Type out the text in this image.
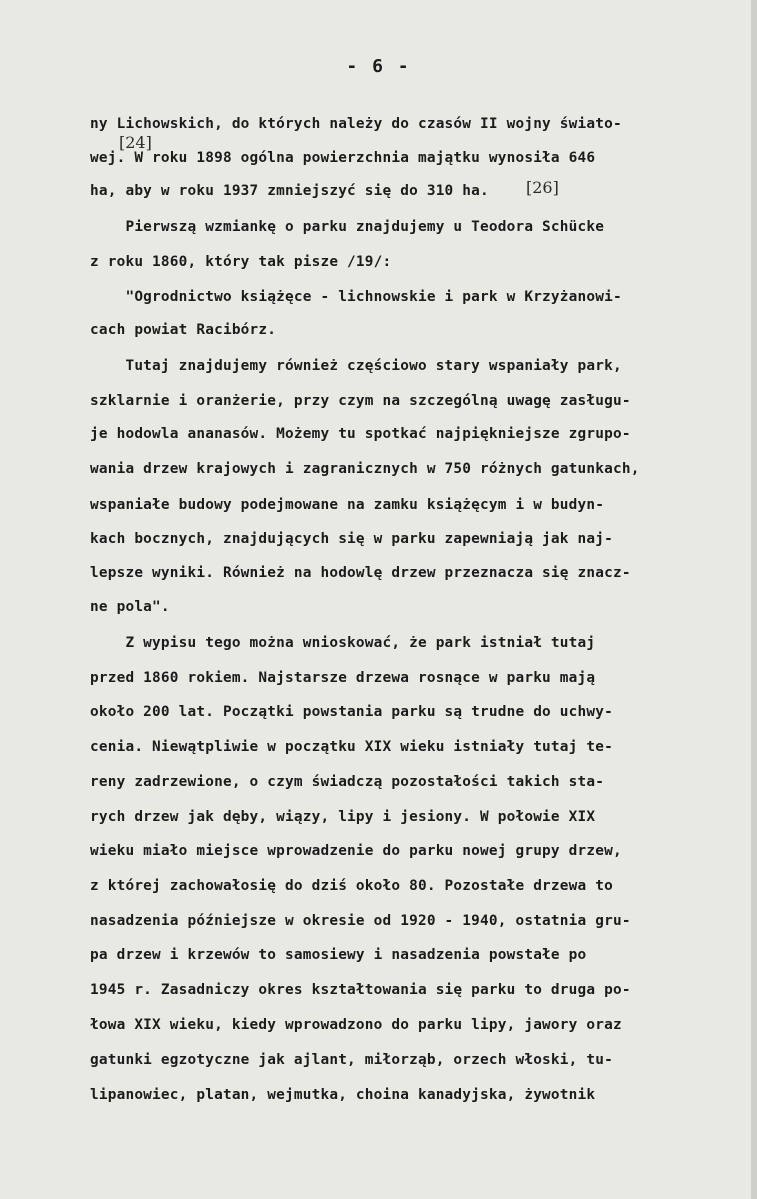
- 6 -
ny Lichowskich, do których należy do czasów II wojny świato-
wej. W roku 1898 ogólna powierzchnia majątku wynosiła 646
ha, aby w roku 1937 zmniejszyć się do 310 ha.
Pierwszą wzmiankę o parku znajdujemy u Teodora Schücke
z roku 1860, który tak pisze /19/:
"Ogrodnictwo książęce - lichnowskie i park w Krzyżanowi-
cach powiat Racibórz.
Tutaj znajdujemy również częściowo stary wspaniały park,
szklarnie i oranżerie, przy czym na szczególną uwagę zasługu-
je hodowla ananasów. Możemy tu spotkać najpiękniejsze zgrupo-
wania drzew krajowych i zagranicznych w 750 różnych gatunkach,
wspaniałe budowy podejmowane na zamku książęcym i w budyn-
kach bocznych, znajdujących się w parku zapewniają jak naj-
lepsze wyniki. Również na hodowlę drzew przeznacza się znacz-
ne pola".
Z wypisu tego można wnioskować, że park istniał tutaj
przed 1860 rokiem. Najstarsze drzewa rosnące w parku mają
około 200 lat. Początki powstania parku są trudne do uchwy-
cenia. Niewątpliwie w początku XIX wieku istniały tutaj te-
reny zadrzewione, o czym świadczą pozostałości takich sta-
rych drzew jak dęby, wiązy, lipy i jesiony. W połowie XIX
wieku miało miejsce wprowadzenie do parku nowej grupy drzew,
z której zachowałosię do dziś około 80. Pozostałe drzewa to
nasadzenia późniejsze w okresie od 1920 - 1940, ostatnia gru-
pa drzew i krzewów to samosiewy i nasadzenia powstałe po
1945 r. Zasadniczy okres kształtowania się parku to druga po-
łowa XIX wieku, kiedy wprowadzono do parku lipy, jawory oraz
gatunki egzotyczne jak ajlant, miłorząb, orzech włoski, tu-
lipanowiec, platan, wejmutka, choina kanadyjska, żywotnik
[24]
[26]
